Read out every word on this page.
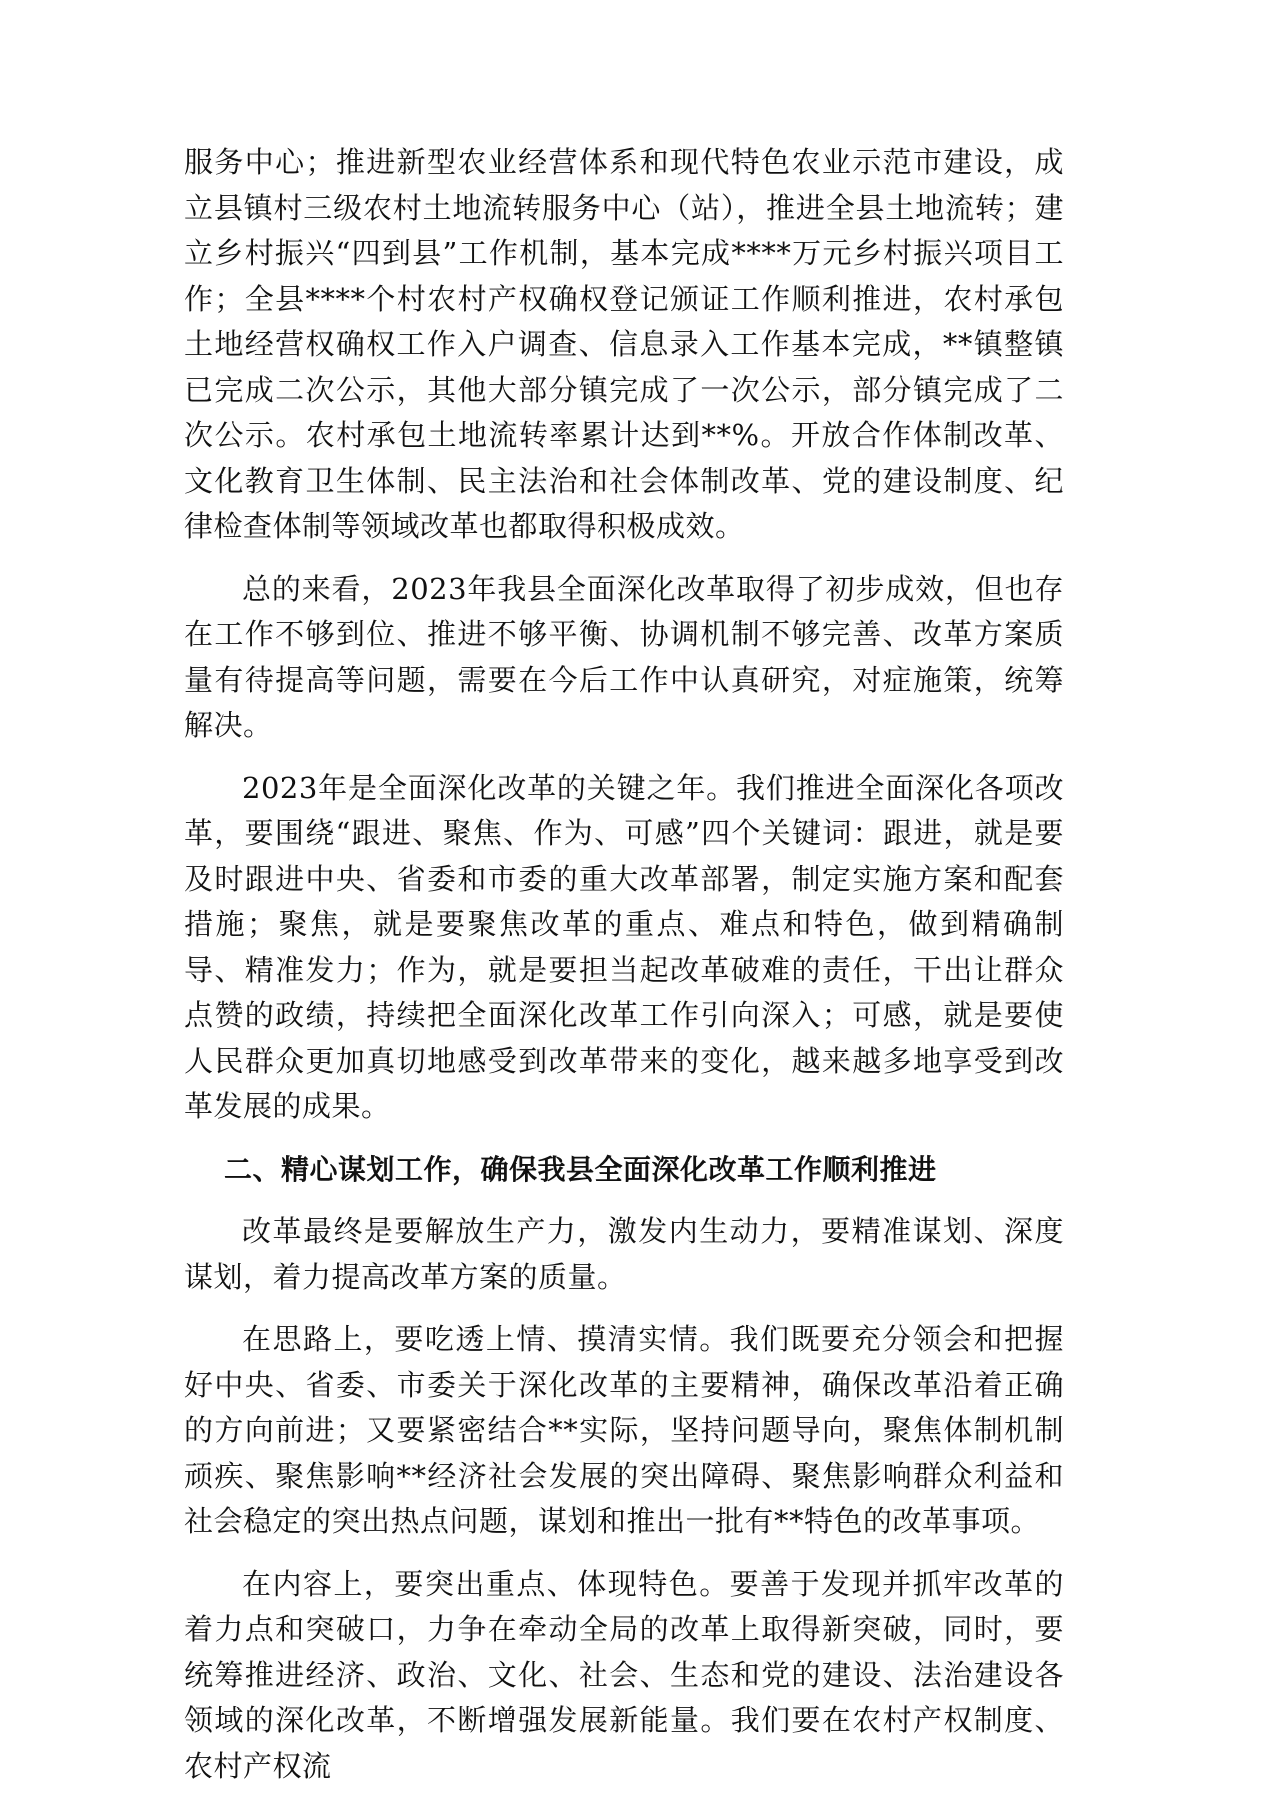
服务中心；推进新型农业经营体系和现代特色农业示范市建设，成立县镇村三级农村土地流转服务中心（站），推进全县土地流转；建立乡村振兴“四到县”工作机制，基本完成****万元乡村振兴项目工作；全县****个村农村产权确权登记颁证工作顺利推进，农村承包土地经营权确权工作入户调查、信息录入工作基本完成，**镇整镇已完成二次公示，其他大部分镇完成了一次公示，部分镇完成了二次公示。农村承包土地流转率累计达到**%。开放合作体制改革、文化教育卫生体制、民主法治和社会体制改革、党的建设制度、纪律检查体制等领域改革也都取得积极成效。

总的来看，2023年我县全面深化改革取得了初步成效，但也存在工作不够到位、推进不够平衡、协调机制不够完善、改革方案质量有待提高等问题，需要在今后工作中认真研究，对症施策，统筹解决。

2023年是全面深化改革的关键之年。我们推进全面深化各项改革，要围绕“跟进、聚焦、作为、可感”四个关键词：跟进，就是要及时跟进中央、省委和市委的重大改革部署，制定实施方案和配套措施；聚焦，就是要聚焦改革的重点、难点和特色，做到精确制导、精准发力；作为，就是要担当起改革破难的责任，干出让群众点赞的政绩，持续把全面深化改革工作引向深入；可感，就是要使人民群众更加真切地感受到改革带来的变化，越来越多地享受到改革发展的成果。

二、精心谋划工作，确保我县全面深化改革工作顺利推进

改革最终是要解放生产力，激发内生动力，要精准谋划、深度谋划，着力提高改革方案的质量。

在思路上，要吃透上情、摸清实情。我们既要充分领会和把握好中央、省委、市委关于深化改革的主要精神，确保改革沿着正确的方向前进；又要紧密结合**实际，坚持问题导向，聚焦体制机制顽疾、聚焦影响**经济社会发展的突出障碍、聚焦影响群众利益和社会稳定的突出热点问题，谋划和推出一批有**特色的改革事项。

在内容上，要突出重点、体现特色。要善于发现并抓牢改革的着力点和突破口，力争在牵动全局的改革上取得新突破，同时，要统筹推进经济、政治、文化、社会、生态和党的建设、法治建设各领域的深化改革，不断增强发展新能量。我们要在农村产权制度、农村产权流
